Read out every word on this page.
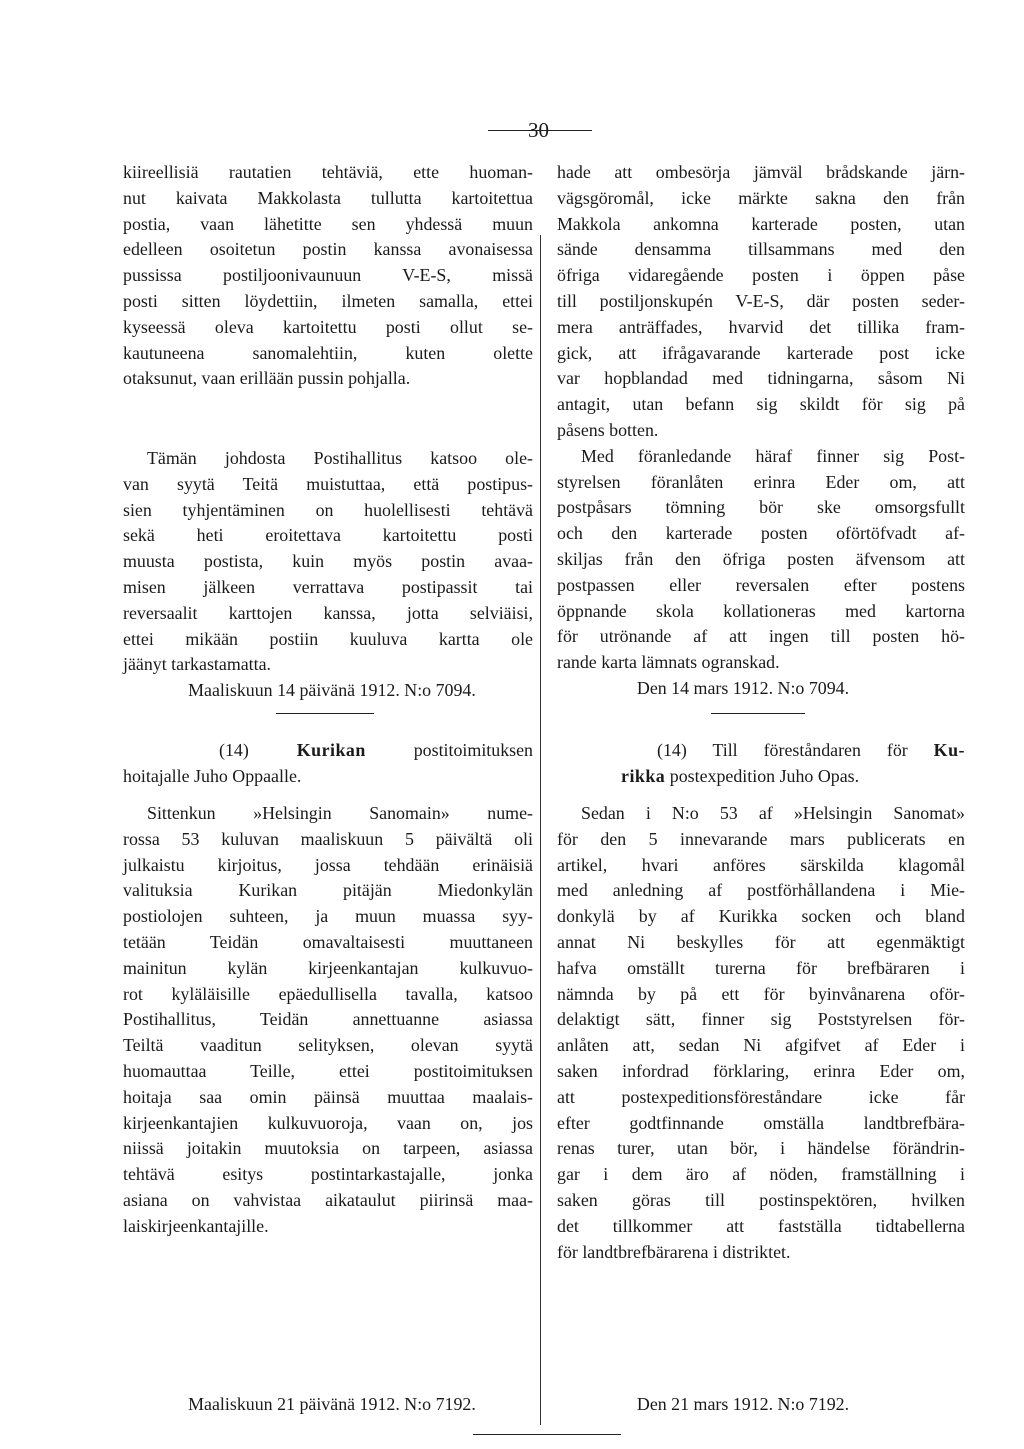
30
kiireellisiä rautatien tehtäviä, ette huoman-
nut kaivata Makkolasta tullutta kartoitettua
postia, vaan lähetitte sen yhdessä muun
edelleen osoitetun postin kanssa avonaisessa
pussissa postiljoonivaunuun V-E-S, missä
posti sitten löydettiin, ilmeten samalla, ettei
kyseessä oleva kartoitettu posti ollut se-
kautuneena sanomalehtiin, kuten olette
otaksunut, vaan erillään pussin pohjalla.
Tämän johdosta Postihallitus katsoo ole-
van syytä Teitä muistuttaa, että postipus-
sien tyhjentäminen on huolellisesti tehtävä
sekä heti eroitettava kartoitettu posti
muusta postista, kuin myös postin avaa-
misen jälkeen verrattava postipassit tai
reversaalit karttojen kanssa, jotta selviäisi,
ettei mikään postiin kuuluva kartta ole
jäänyt tarkastamatta.
Maaliskuun 14 päivänä 1912. N:o 7094.
(14)	Kurikan	postitoimituksen
hoitajalle Juho Oppaalle.
Sittenkun »Helsingin Sanomain» nume-
rossa 53 kuluvan maaliskuun 5 päivältä oli
julkaistu kirjoitus, jossa tehdään erinäisiä
valituksia Kurikan pitäjän Miedonkylän
postiolojen suhteen, ja muun muassa syy-
tetään Teidän omavaltaisesti muuttaneen
mainitun kylän kirjeenkantajan kulkuvuo-
rot kyläläisille epäedullisella tavalla, katsoo
Postihallitus, Teidän annettuanne asiassa
Teiltä vaaditun selityksen, olevan syytä
huomauttaa Teille, ettei postitoimituksen
hoitaja saa omin päinsä muuttaa maalais-
kirjeenkantajien kulkuvuoroja, vaan on, jos
niissä joitakin muutoksia on tarpeen, asiassa
tehtävä esitys postintarkastajalle, jonka
asiana on vahvistaa aikataulut piirinsä maa-
laiskirjeenkantajille.
Maaliskuun 21 päivänä 1912. N:o 7192.
hade att ombesörja jämväl brådskande järn-
vägsgöromål, icke märkte sakna den från
Makkola ankomna karterade posten, utan
sände densamma tillsammans med den
öfriga vidaregående posten i öppen påse
till postiljonskupén V-E-S, där posten seder-
mera anträffades, hvarvid det tillika fram-
gick, att ifrågavarande karterade post icke
var hopblandad med tidningarna, såsom Ni
antagit, utan befann sig skildt för sig på
påsens botten.
Med föranledande häraf finner sig Post-
styrelsen föranlåten erinra Eder om, att
postpåsars tömning bör ske omsorgsfullt
och den karterade posten oförtöfvadt af-
skiljas från den öfriga posten äfvensom att
postpassen eller reversalen efter postens
öppnande skola kollationeras med kartorna
för utrönande af att ingen till posten hö-
rande karta lämnats ogranskad.
Den 14 mars 1912. N:o 7094.
(14) Till föreståndaren för Ku-
rikka postexpedition Juho Opas.
Sedan i N:o 53 af »Helsingin Sanomat»
för den 5 innevarande mars publicerats en
artikel, hvari anföres särskilda klagomål
med anledning af postförhållandena i Mie-
donkylä by af Kurikka socken och bland
annat Ni beskylles för att egenmäktigt
hafva omställt turerna för brefbäraren i
nämnda by på ett för byinvånarena oför-
delaktigt sätt, finner sig Poststyrelsen för-
anlåten att, sedan Ni afgifvet af Eder i
saken infordrad förklaring, erinra Eder om,
att postexpeditionsföreståndare icke får
efter godtfinnande omställa landtbrefbära-
renas turer, utan bör, i händelse förändrin-
gar i dem äro af nöden, framställning i
saken göras till postinspektören, hvilken
det tillkommer att fastställa tidtabellerna
för landtbrefbärarena i distriktet.
Den 21 mars 1912. N:o 7192.
